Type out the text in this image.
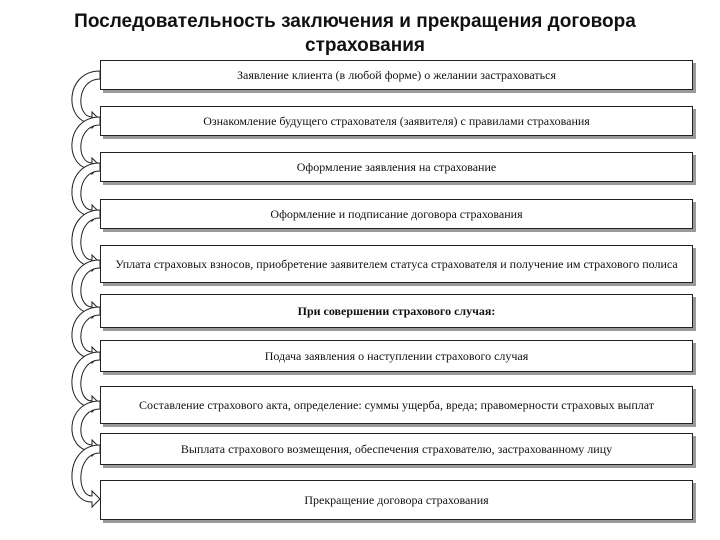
Последовательность заключения и прекращения договора
страхования
Заявление клиента (в любой форме) о желании застраховаться
Ознакомление будущего страхователя (заявителя) с правилами страхования
Оформление заявления на страхование
Оформление и подписание договора страхования
Уплата страховых взносов, приобретение заявителем статуса страхователя и получение им страхового полиса
При совершении страхового случая:
Подача заявления о наступлении страхового случая
Составление страхового акта, определение: суммы ущерба, вреда; правомерности страховых выплат
Выплата страхового возмещения, обеспечения страхователю, застрахованному лицу
Прекращение договора страхования
